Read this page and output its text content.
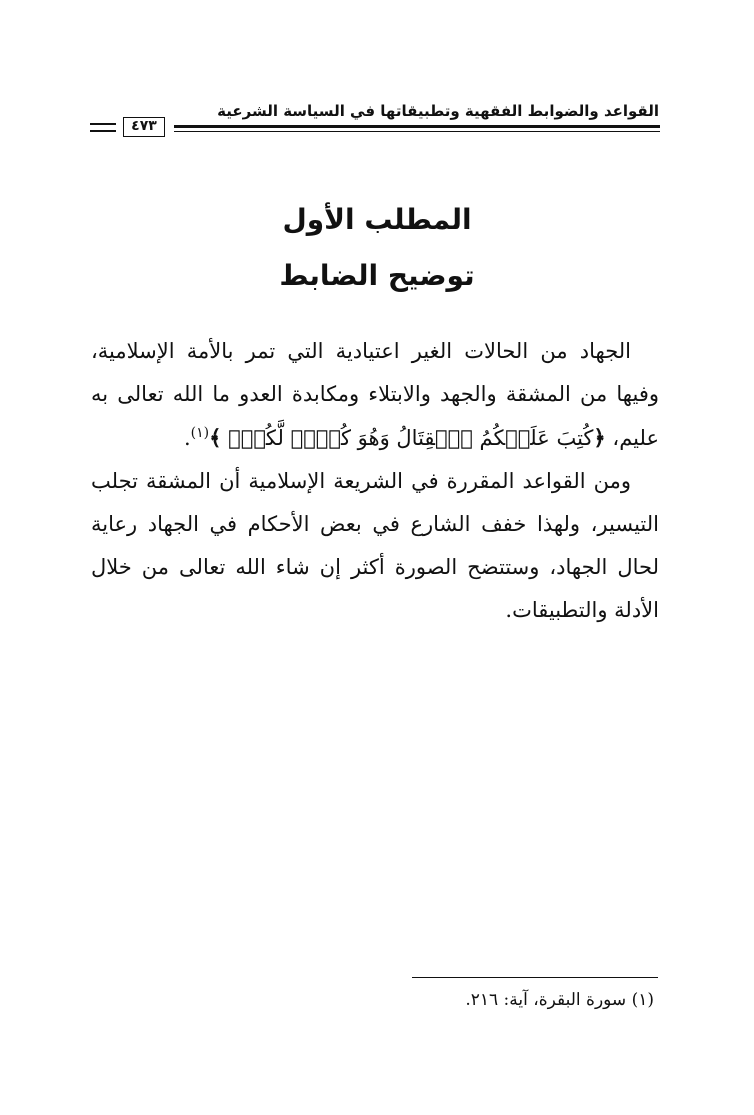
القواعد والضوابط الفقهية وتطبيقاتها في السياسة الشرعية
٤٧٣
المطلب الأول
توضيح الضابط

الجهاد من الحالات الغير اعتيادية التي تمر بالأمة الإسلامية، وفيها من المشقة والجهد والابتلاء ومكابدة العدو ما الله تعالى به عليم، ﴿كُتِبَ عَلَيۡكُمُ ٱلۡقِتَالُ وَهُوَ كُرۡهٞ لَّكُمۡۖ ﴾$^{(١)}$.

ومن القواعد المقررة في الشريعة الإسلامية أن المشقة تجلب التيسير، ولهذا خفف الشارع في بعض الأحكام في الجهاد رعاية لحال الجهاد، وستتضح الصورة أكثر إن شاء الله تعالى من خلال الأدلة والتطبيقات.

(١) سورة البقرة، آية: ٢١٦.
